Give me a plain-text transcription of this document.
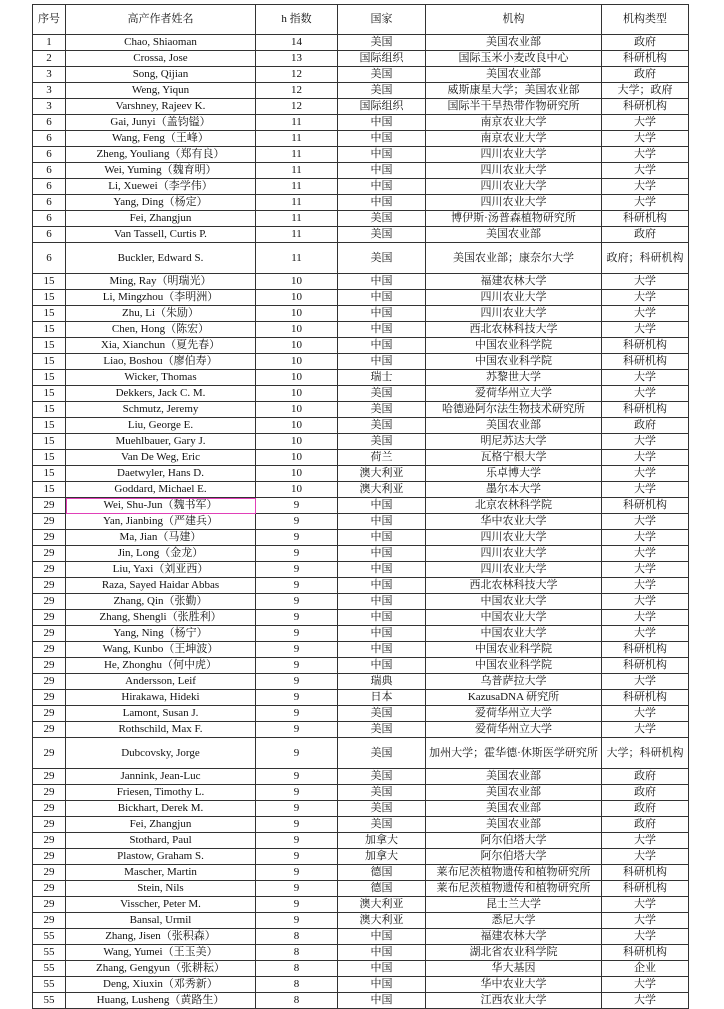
序号	高产作者姓名	h 指数	国家	机构	机构类型
1	Chao, Shiaoman	14	美国	美国农业部	政府
2	Crossa, Jose	13	国际组织	国际玉米小麦改良中心	科研机构
3	Song, Qijian	12	美国	美国农业部	政府
3	Weng, Yiqun	12	美国	威斯康星大学；美国农业部	大学；政府
3	Varshney, Rajeev K.	12	国际组织	国际半干旱热带作物研究所	科研机构
6	Gai, Junyi（盖钧镒）	11	中国	南京农业大学	大学
6	Wang, Feng（王峰）	11	中国	南京农业大学	大学
6	Zheng, Youliang（郑有良）	11	中国	四川农业大学	大学
6	Wei, Yuming（魏育明）	11	中国	四川农业大学	大学
6	Li, Xuewei（李学伟）	11	中国	四川农业大学	大学
6	Yang, Ding（杨定）	11	中国	四川农业大学	大学
6	Fei, Zhangjun	11	美国	博伊斯·汤普森植物研究所	科研机构
6	Van Tassell, Curtis P.	11	美国	美国农业部	政府
6	Buckler, Edward S.	11	美国	美国农业部；康奈尔大学	政府；科研机构
15	Ming, Ray（明瑞光）	10	中国	福建农林大学	大学
15	Li, Mingzhou（李明洲）	10	中国	四川农业大学	大学
15	Zhu, Li（朱励）	10	中国	四川农业大学	大学
15	Chen, Hong（陈宏）	10	中国	西北农林科技大学	大学
15	Xia, Xianchun（夏先春）	10	中国	中国农业科学院	科研机构
15	Liao, Boshou（廖伯寿）	10	中国	中国农业科学院	科研机构
15	Wicker, Thomas	10	瑞士	苏黎世大学	大学
15	Dekkers, Jack C. M.	10	美国	爱荷华州立大学	大学
15	Schmutz, Jeremy	10	美国	哈德逊阿尔法生物技术研究所	科研机构
15	Liu, George E.	10	美国	美国农业部	政府
15	Muehlbauer, Gary J.	10	美国	明尼苏达大学	大学
15	Van De Weg, Eric	10	荷兰	瓦格宁根大学	大学
15	Daetwyler, Hans D.	10	澳大利亚	乐卓博大学	大学
15	Goddard, Michael E.	10	澳大利亚	墨尔本大学	大学
29	Wei, Shu-Jun（魏书军）	9	中国	北京农林科学院	科研机构
29	Yan, Jianbing（严建兵）	9	中国	华中农业大学	大学
29	Ma, Jian（马建）	9	中国	四川农业大学	大学
29	Jin, Long（金龙）	9	中国	四川农业大学	大学
29	Liu, Yaxi（刘亚西）	9	中国	四川农业大学	大学
29	Raza, Sayed Haidar Abbas	9	中国	西北农林科技大学	大学
29	Zhang, Qin（张勤）	9	中国	中国农业大学	大学
29	Zhang, Shengli（张胜利）	9	中国	中国农业大学	大学
29	Yang, Ning（杨宁）	9	中国	中国农业大学	大学
29	Wang, Kunbo（王坤波）	9	中国	中国农业科学院	科研机构
29	He, Zhonghu（何中虎）	9	中国	中国农业科学院	科研机构
29	Andersson, Leif	9	瑞典	乌普萨拉大学	大学
29	Hirakawa, Hideki	9	日本	KazusaDNA 研究所	科研机构
29	Lamont, Susan J.	9	美国	爱荷华州立大学	大学
29	Rothschild, Max F.	9	美国	爱荷华州立大学	大学
29	Dubcovsky, Jorge	9	美国	加州大学；霍华德·休斯医学研究所	大学；科研机构
29	Jannink, Jean-Luc	9	美国	美国农业部	政府
29	Friesen, Timothy L.	9	美国	美国农业部	政府
29	Bickhart, Derek M.	9	美国	美国农业部	政府
29	Fei, Zhangjun	9	美国	美国农业部	政府
29	Stothard, Paul	9	加拿大	阿尔伯塔大学	大学
29	Plastow, Graham S.	9	加拿大	阿尔伯塔大学	大学
29	Mascher, Martin	9	德国	莱布尼茨植物遗传和植物研究所	科研机构
29	Stein, Nils	9	德国	莱布尼茨植物遗传和植物研究所	科研机构
29	Visscher, Peter M.	9	澳大利亚	昆士兰大学	大学
29	Bansal, Urmil	9	澳大利亚	悉尼大学	大学
55	Zhang, Jisen（张积森）	8	中国	福建农林大学	大学
55	Wang, Yumei（王玉美）	8	中国	湖北省农业科学院	科研机构
55	Zhang, Gengyun（张耕耘）	8	中国	华大基因	企业
55	Deng, Xiuxin（邓秀新）	8	中国	华中农业大学	大学
55	Huang, Lusheng（黄路生）	8	中国	江西农业大学	大学
